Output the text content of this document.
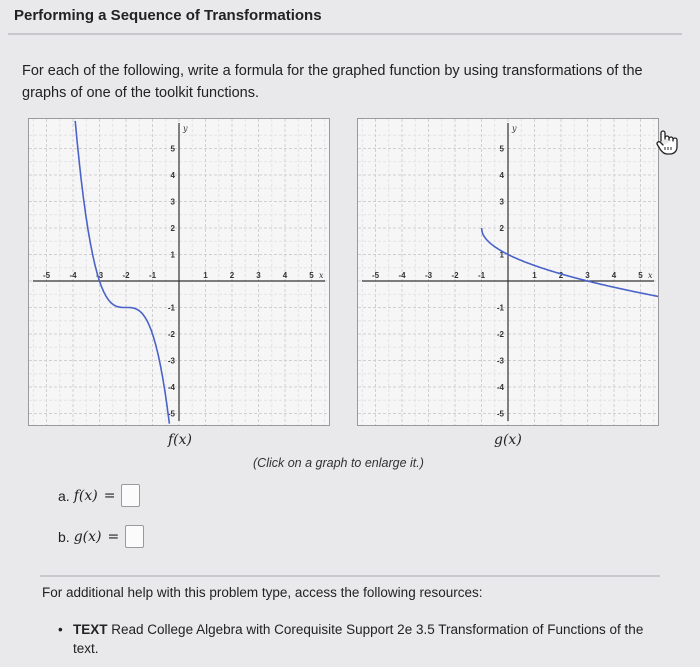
Performing a Sequence of Transformations
For each of the following, write a formula for the graphed function by using transformations of the graphs of one of the toolkit functions.
-5 -4 -3 -2 -1	1	2	3	4	5
5
4
3
2
1
-1
-2
-3
-4
-5
x
y
-5 -4 -3 -2 -1	1	2	3	4	5
5
4
3
2
1
-1
-2
-3
-4
-5
x
y
f(x)	g(x)
(Click on a graph to enlarge it.)
a. f(x) =
b. g(x) =
For additional help with this problem type, access the following resources:
• TEXT Read College Algebra with Corequisite Support 2e 3.5 Transformation of Functions of the text.
